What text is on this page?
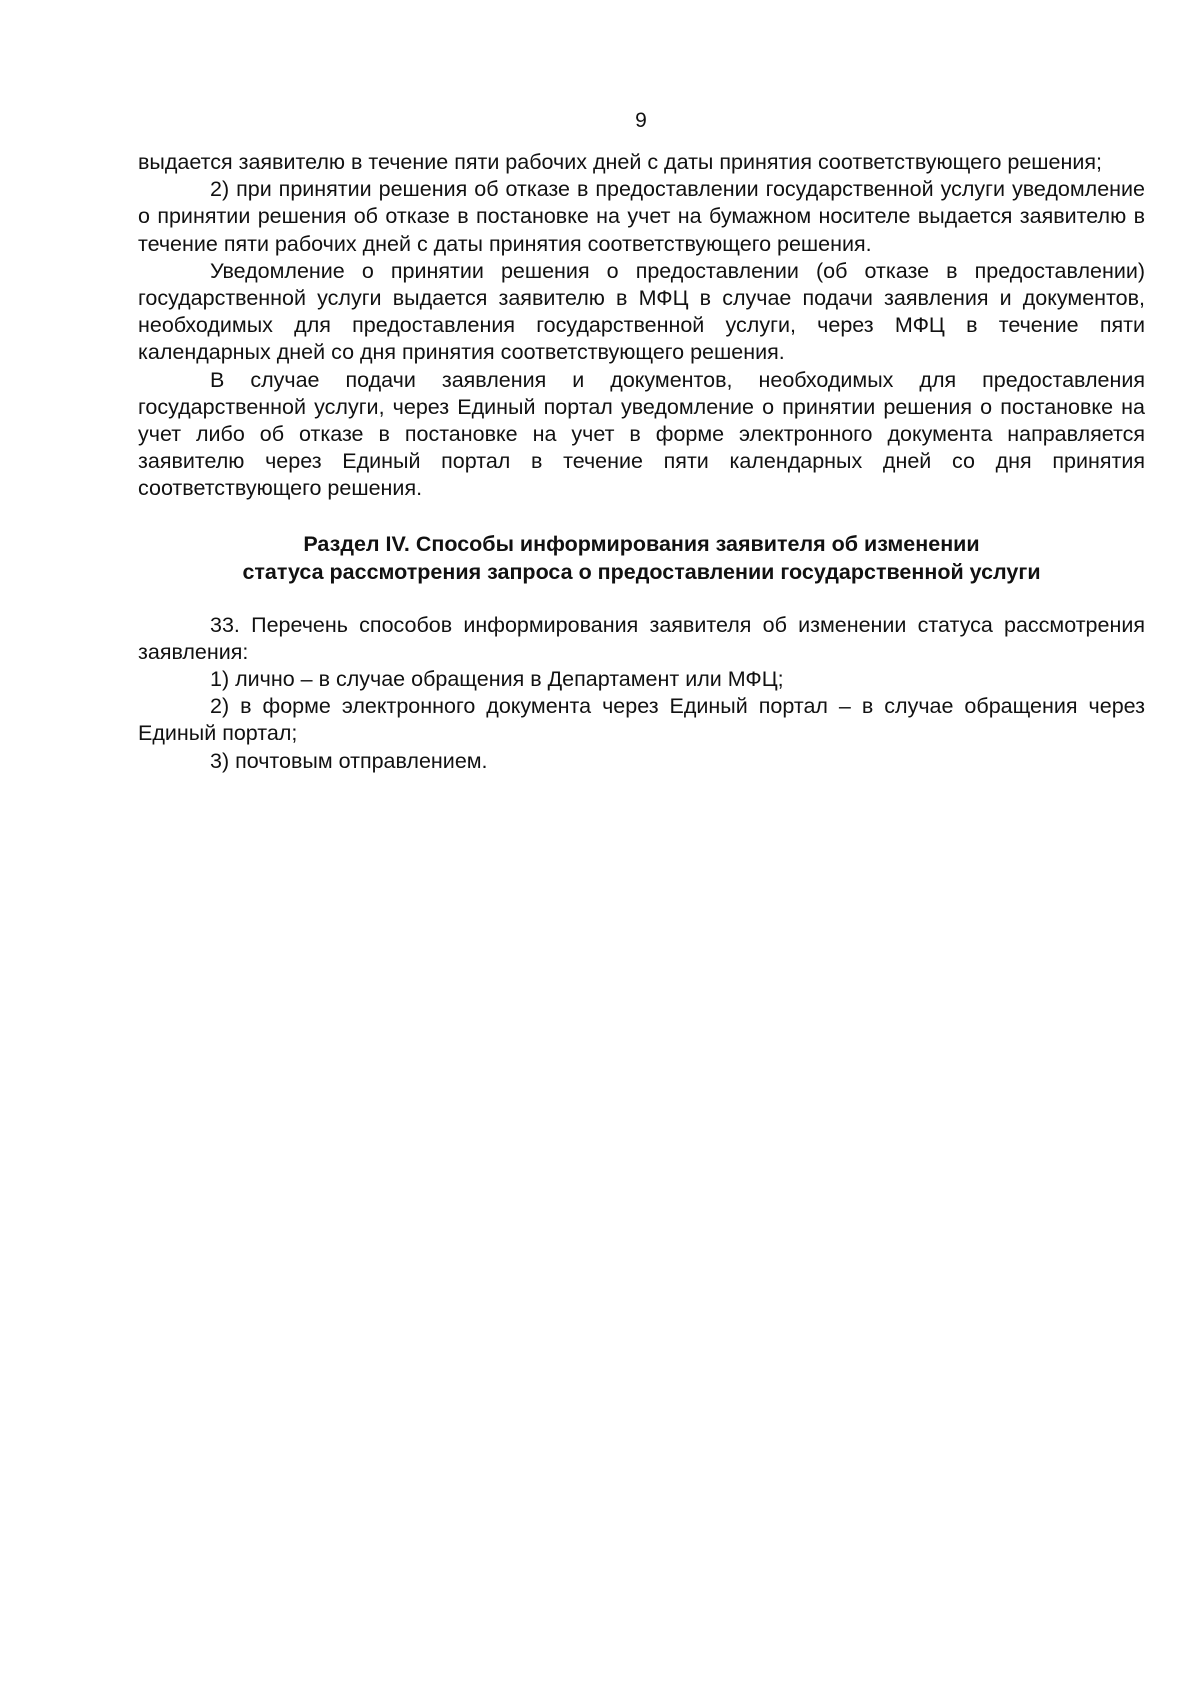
9

выдается заявителю в течение пяти рабочих дней с даты принятия соответствующего решения;

2) при принятии решения об отказе в предоставлении государственной услуги уведомление о принятии решения об отказе в постановке на учет на бумажном носителе выдается заявителю в течение пяти рабочих дней с даты принятия соответствующего решения.

Уведомление о принятии решения о предоставлении (об отказе в предоставлении) государственной услуги выдается заявителю в МФЦ в случае подачи заявления и документов, необходимых для предоставления государственной услуги, через МФЦ в течение пяти календарных дней со дня принятия соответствующего решения.

В случае подачи заявления и документов, необходимых для предоставления государственной услуги, через Единый портал уведомление о принятии решения о постановке на учет либо об отказе в постановке на учет в форме электронного документа направляется заявителю через Единый портал в течение пяти календарных дней со дня принятия соответствующего решения.

Раздел IV. Способы информирования заявителя об изменении
статуса рассмотрения запроса о предоставлении государственной услуги

33. Перечень способов информирования заявителя об изменении статуса рассмотрения заявления:

1) лично – в случае обращения в Департамент или МФЦ;

2) в форме электронного документа через Единый портал – в случае обращения через Единый портал;

3) почтовым отправлением.
